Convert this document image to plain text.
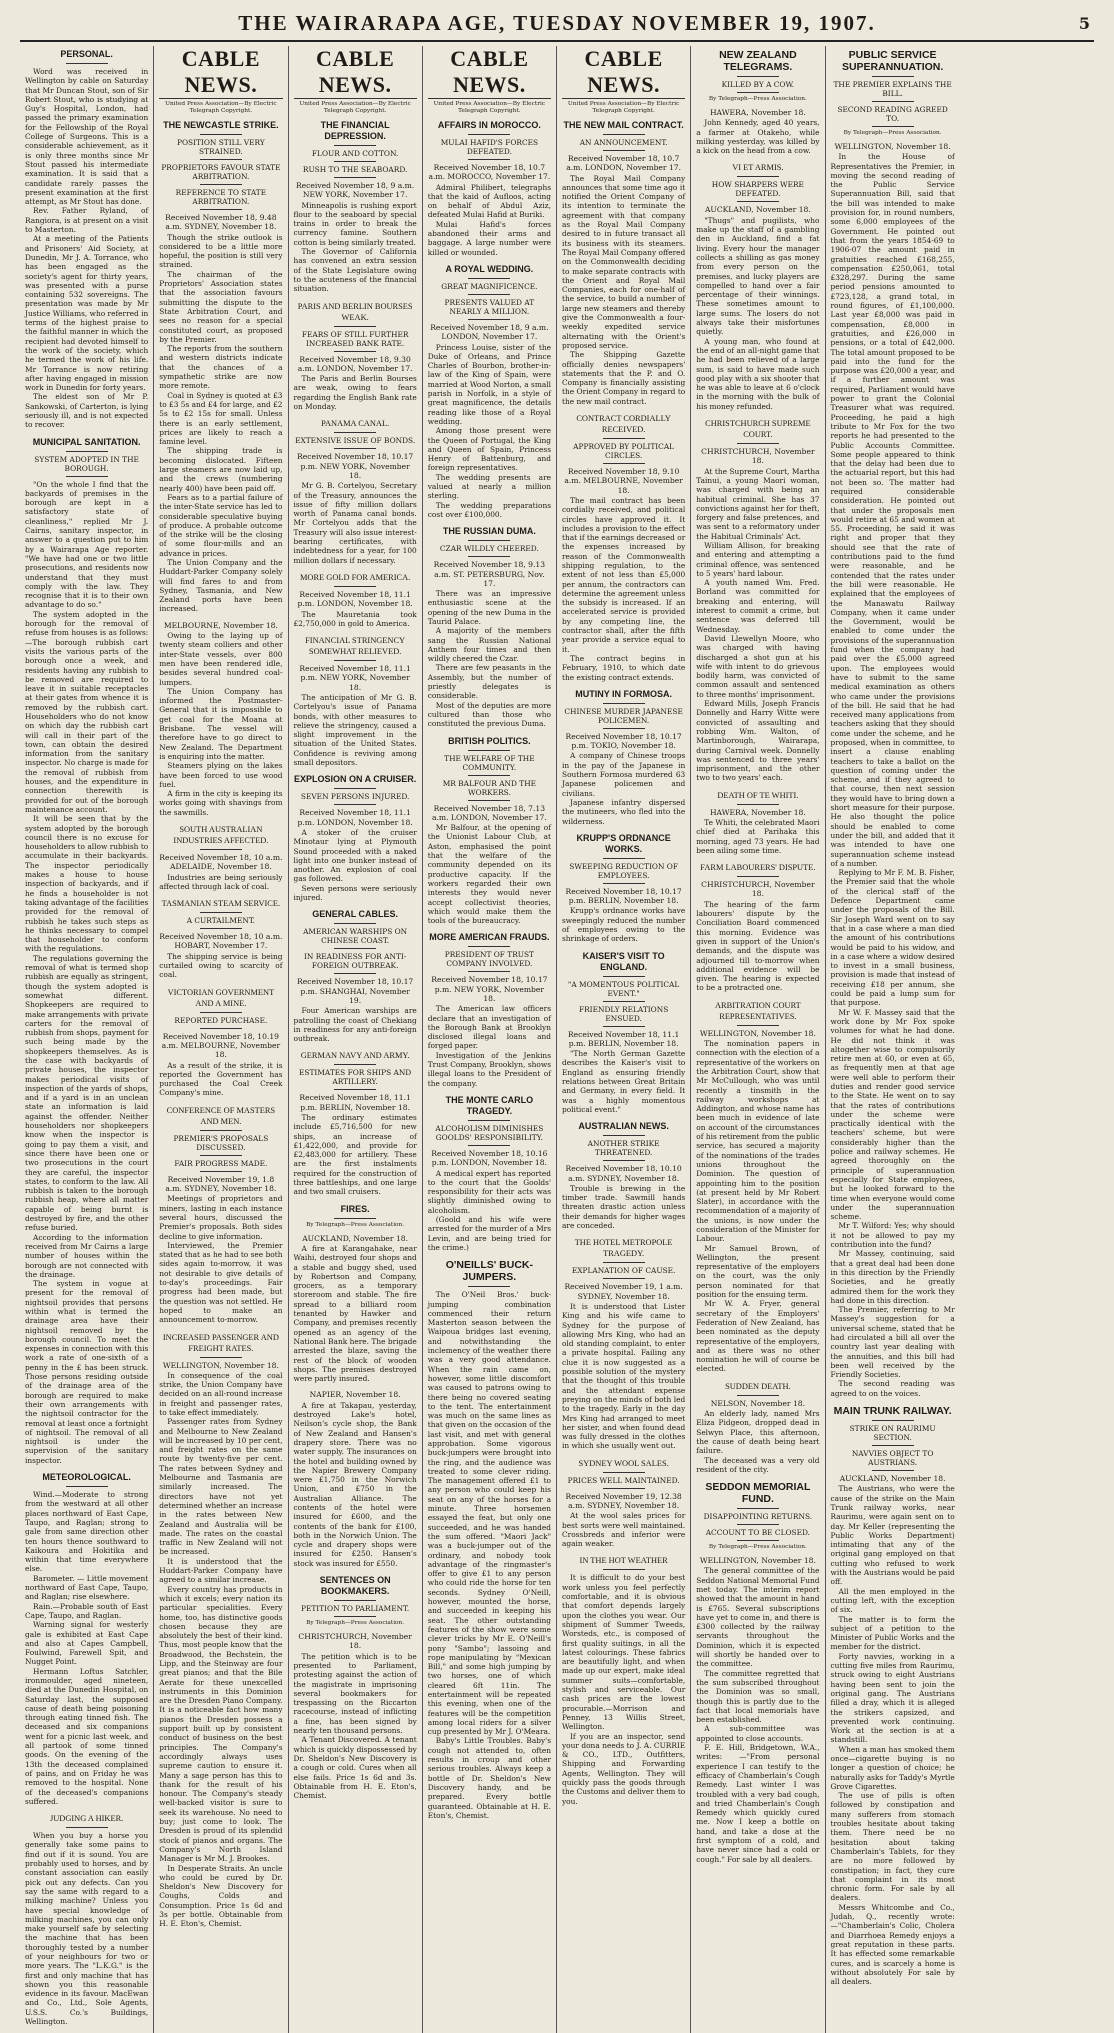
THE WAIRARAPA AGE, TUESDAY NOVEMBER 19, 1907.	5
PERSONAL.

Word was received in Wellington by cable on Saturday that Mr Duncan Stout, son of Sir Robert Stout, who is studying at Guy's Hospital, London, had passed the primary examination for the Fellowship of the Royal College of Surgeons. This is a considerable achievement, as it is only three months since Mr Stout passed his intermediate examination. It is said that a candidate rarely passes the present examination at the first attempt, as Mr Stout has done.

Rev. Father Ryland, of Rangiora, is at present on a visit to Masterton.

At a meeting of the Patients and Prisoners' Aid Society, at Dunedin, Mr J. A. Torrance, who has been engaged as the society's agent for thirty years, was presented with a purse containing 532 sovereigns. The presentation was made by Mr Justice Williams, who referred in terms of the highest praise to the faithful manner in which the recipient had devoted himself to the work of the society, which he termed the work of his life. Mr Torrance is now retiring after having engaged in mission work in Dunedin for forty years.

The eldest son of Mr P. Sankowski, of Carterton, is lying seriously ill, and is not expected to recover.

MUNICIPAL SANITATION.
SYSTEM ADOPTED IN THE BOROUGH.

"On the whole I find that the backyards of premises in the borough are kept in a satisfactory state of cleanliness," replied Mr J. Cairns, sanitary inspector, in answer to a question put to him by a Wairarapa Age reporter. "We have had one or two little prosecutions, and residents now understand that they must comply with the law. They recognise that it is to their own advantage to do so."

The system adopted in the borough for the removal of refuse from houses is as follows:—The borough rubbish cart visits the various parts of the borough once a week, and residents having any rubbish to be removed are required to leave it in suitable receptacles at their gates from whence it is removed by the rubbish cart. Householders who do not know on which day the rubbish cart will call in their part of the town, can obtain the desired information from the sanitary inspector. No charge is made for the removal of rubbish from houses, and the expenditure in connection therewith is provided for out of the borough maintenance account.

It will be seen that by the system adopted by the borough council there is no excuse for householders to allow rubbish to accumulate in their backyards. The inspector periodically makes a house to house inspection of backyards, and if he finds a householder is not taking advantage of the facilities provided for the removal of rubbish he takes such steps as he thinks necessary to compel that householder to conform with the regulations.

The regulations governing the removal of what is termed shop rubbish are equally as stringent, though the system adopted is somewhat different. Shopkeepers are required to make arrangements with private carters for the removal of rubbish from shops, payment for such being made by the shopkeepers themselves. As is the case with backyards of private houses, the inspector makes periodical visits of inspection of the yards of shops, and if a yard is in an unclean state an information is laid against the offender. Neither householders nor shopkeepers know when the inspector is going to pay them a visit, and since there have been one or two prosecutions in the court they are careful, the inspector states, to conform to the law. All rubbish is taken to the borough rubbish heap, where all matter capable of being burnt is destroyed by fire, and the other refuse buried.

According to the information received from Mr Cairns a large number of houses within the borough are not connected with the drainage.

The system in vogue at present for the removal of nightsoil provides that persons within what is termed the drainage area have their nightsoil removed by the borough council. To meet the expenses in connection with this work a rate of one-sixth of a penny in the £ has been struck. Those persons residing outside of the drainage area of the borough are required to make their own arrangements with the nightsoil contractor for the removal at least once a fortnight of nightsoil. The removal of all nightsoil is under the supervision of the sanitary inspector.

METEOROLOGICAL.

Wind.—Moderate to strong from the westward at all other places northward of East Cape, Taupo, and Raglan; strong to gale from same direction other ten hours thence southward to Kaikoura and Hokitika and within that time everywhere else.

Barometer. — Little movement northward of East Cape, Taupo, and Raglan; rise elsewhere.

Rain.—Probable south of East Cape, Taupo, and Raglan.

Warning signal for westerly gale is exhibited at East Cape and also at Capes Campbell, Foulwind, Farewell Spit, and Nugget Point.

Hermann Loftus Satchler, ironmoulder, aged nineteen, died at the Dunedin Hospital, on Saturday last, the supposed cause of death being poisoning through eating tinned fish. The deceased and six companions went for a picnic last week, and all partook of some tinned goods. On the evening of the 13th the deceased complained of pains, and on Friday he was removed to the hospital. None of the deceased's companions suffered.

JUDGING A HIKER.

When you buy a horse you generally take some pains to find out if it is sound. You are probably used to horses, and by constant association can easily pick out any defects. Can you say the same with regard to a milking machine? Unless you have special knowledge of milking machines, you can only make yourself safe by selecting the machine that has been thoroughly tested by a number of your neighbours for two or more years. The "L.K.G." is the first and only machine that has shown you this reasonable evidence in its favour. MacEwan and Co., Ltd., Sole Agents, U.S.S. Co.'s Buildings, Wellington.

CABLE NEWS.
United Press Association—By Electric Telegraph Copyright.
THE NEWCASTLE STRIKE.
POSITION STILL VERY STRAINED.
PROPRIETORS FAVOUR STATE ARBITRATION.
REFERENCE TO STATE ARBITRATION.
Received November 18, 9.48 a.m. SYDNEY, November 18.

Though the strike outlook is considered to be a little more hopeful, the position is still very strained.

The chairman of the Proprietors' Association states that the association favours submitting the dispute to the State Arbitration Court, and sees no reason for a special constituted court, as proposed by the Premier.

The reports from the southern and western districts indicate that the chances of a sympathetic strike are now more remote.

Coal in Sydney is quoted at £3 to £3 5s and £4 for large, and £2 5s to £2 15s for small. Unless there is an early settlement, prices are likely to reach a famine level.

The shipping trade is becoming dislocated. Fifteen large steamers are now laid up, and the crews (numbering nearly 400) have been paid off.

Fears as to a partial failure of the inter-State service has led to considerable speculative buying of produce. A probable outcome of the strike will be the closing of some flour-mills and an advance in prices.

The Union Company and the Huddart-Parker Company solely will find fares to and from Sydney, Tasmania, and New Zealand ports have been increased.

MELBOURNE, November 18.

Owing to the laying up of twenty steam colliers and other inter-State vessels, over 800 men have been rendered idle, besides several hundred coal-lumpers.

The Union Company has informed the Postmaster-General that it is impossible to get coal for the Moana at Brisbane. The vessel will therefore have to go direct to New Zealand. The Department is enquiring into the matter.

Steamers plying on the lakes have been forced to use wood fuel.

A firm in the city is keeping its works going with shavings from the sawmills.

SOUTH AUSTRALIAN INDUSTRIES AFFECTED.
Received November 18, 10 a.m. ADELAIDE, November 18.

Industries are being seriously affected through lack of coal.

TASMANIAN STEAM SERVICE.
A CURTAILMENT.
Received November 18, 10 a.m. HOBART, November 17.

The shipping service is being curtailed owing to scarcity of coal.

VICTORIAN GOVERNMENT AND A MINE.
REPORTED PURCHASE.
Received November 18, 10.19 a.m. MELBOURNE, November 18.

As a result of the strike, it is reported the Government has purchased the Coal Creek Company's mine.

CONFERENCE OF MASTERS AND MEN.
PREMIER'S PROPOSALS DISCUSSED.
FAIR PROGRESS MADE.
Received November 19, 1.8 a.m. SYDNEY, November 18.

Meetings of proprietors and miners, lasting in each instance several hours, discussed the Premier's proposals. Both sides decline to give information.

Interviewed, the Premier stated that as he had to see both sides again to-morrow, it was not desirable to give details of to-day's proceedings. Fair progress had been made, but the question was not settled. He hoped to make an announcement to-morrow.

INCREASED PASSENGER AND FREIGHT RATES.
WELLINGTON, November 18.

In consequence of the coal strike, the Union Company have decided on an all-round increase in freight and passenger rates, to take effect immediately.

Passenger rates from Sydney and Melbourne to New Zealand will be increased by 10 per cent, and freight rates on the same route by twenty-five per cent. The rates between Sydney and Melbourne and Tasmania are similarly increased. The directors have not yet determined whether an increase in the rates between New Zealand and Australia will be made. The rates on the coastal traffic in New Zealand will not be increased.

It is understood that the Huddart-Parker Company have agreed to a similar increase.

Every country has products in which it excels; every nation its particular specialities. Every home, too, has distinctive goods chosen because they are absolutely the best of their kind. Thus, most people know that the Broadwood, the Bechstein, the Lipp, and the Steinway are four great pianos; and that the Bile Aerate for these unexcelled instruments in this Dominion are the Dresden Piano Company. It is a noticeable fact how many pianos the Dresden possess a support built up by consistent conduct of business on the best principles. The Company's accordingly always uses supreme caution to ensure it. Many a sage person has this to thank for the result of his honour. The Company's steady well-backed visitor is sure to seek its warehouse. No need to buy; just come to look. The Dresden is proud of its splendid stock of pianos and organs. The Company's North Island Manager is Mr M. J. Brookes.

In Desperate Straits. An uncle who could be cured by Dr. Sheldon's New Discovery for Coughs, Colds and Consumption. Price 1s 6d and 3s per bottle. Obtainable from H. E. Eton's, Chemist.

CABLE NEWS.
United Press Association—By Electric Telegraph Copyright.
THE FINANCIAL DEPRESSION.
FLOUR AND COTTON.
RUSH TO THE SEABOARD.
Received November 18, 9 a.m. NEW YORK, November 17.

Minneapolis is rushing export flour to the seaboard by special trains in order to break the currency famine. Southern cotton is being similarly treated.

The Governor of California has convened an extra session of the State Legislature owing to the acuteness of the financial situation.

PARIS AND BERLIN BOURSES WEAK.
FEARS OF STILL FURTHER INCREASED BANK RATE.
Received November 18, 9.30 a.m. LONDON, November 17.

The Paris and Berlin Bourses are weak, owing to fears regarding the English Bank rate on Monday.

PANAMA CANAL.
EXTENSIVE ISSUE OF BONDS.
Received November 18, 10.17 p.m. NEW YORK, November 18.

Mr G. B. Cortelyou, Secretary of the Treasury, announces the issue of fifty million dollars worth of Panama canal bonds. Mr Cortelyou adds that the Treasury will also issue interest-bearing certificates, with indebtedness for a year, for 100 million dollars if necessary.

MORE GOLD FOR AMERICA.
Received November 18, 11.1 p.m. LONDON, November 18.

The Mauretania took £2,750,000 in gold to America.

FINANCIAL STRINGENCY SOMEWHAT RELIEVED.
Received November 18, 11.1 p.m. NEW YORK, November 18.

The anticipation of Mr G. B. Cortelyou's issue of Panama bonds, with other measures to relieve the stringency, caused a slight improvement in the situation of the United States. Confidence is reviving among small depositors.

EXPLOSION ON A CRUISER.
SEVEN PERSONS INJURED.
Received November 18, 11.1 p.m. LONDON, November 18.

A stoker of the cruiser Minotaur lying at Plymouth Sound proceeded with a naked light into one bunker instead of another. An explosion of coal gas followed.

Seven persons were seriously injured.

GENERAL CABLES.
AMERICAN WARSHIPS ON CHINESE COAST.
IN READINESS FOR ANTI-FOREIGN OUTBREAK.
Received November 18, 10.17 p.m. SHANGHAI, November 19.

Four American warships are patrolling the coast of Chekiang in readiness for any anti-foreign outbreak.

GERMAN NAVY AND ARMY.
ESTIMATES FOR SHIPS AND ARTILLERY.
Received November 18, 11.1 p.m. BERLIN, November 18.

The ordinary estimates include £5,716,500 for new ships, an increase of £1,422,000, and provide for £2,483,000 for artillery. These are the first instalments required for the construction of three battleships, and one large and two small cruisers.

FIRES.
By Telegraph—Press Association.
AUCKLAND, November 18.

A fire at Karangahake, near Waihi, destroyed four shops and a stable and buggy shed, used by Robertson and Company, grocers, as a temporary storeroom and stable. The fire spread to a billiard room tenanted by Hawker and Company, and premises recently opened as an agency of the National Bank here. The brigade arrested the blaze, saving the rest of the block of wooden shops. The premises destroyed were partly insured.

NAPIER, November 18.

A fire at Takapau, yesterday, destroyed Lake's hotel, Neilson's cycle shop, the Bank of New Zealand and Hansen's drapery store. There was no water supply. The insurances on the hotel and building owned by the Napier Brewery Company were £1,750 in the Norwich Union, and £750 in the Australian Alliance. The contents of the hotel were insured for £600, and the contents of the bank for £100, both in the Norwich Union. The cycle and drapery shops were insured for £250. Hansen's stock was insured for £550.

SENTENCES ON BOOKMAKERS.
PETITION TO PARLIAMENT.
By Telegraph—Press Association.
CHRISTCHURCH, November 18.

The petition which is to be presented to Parliament, protesting against the action of the magistrate in imprisoning several bookmakers for trespassing on the Riccarton racecourse, instead of inflicting a fine, has been signed by nearly ten thousand persons.

A Tenant Discovered. A tenant which is quickly dispossessed by Dr. Sheldon's New Discovery is a cough or cold. Cures when all else fails. Price 1s 6d and 3s. Obtainable from H. E. Eton's, Chemist.

CABLE NEWS.
United Press Association—By Electric Telegraph Copyright.
AFFAIRS IN MOROCCO.
MULAI HAFID'S FORCES DEFEATED.
Received November 18, 10.7 a.m. MOROCCO, November 17.

Admiral Philibert, telegraphs that the kaid of Aufloos, acting on behalf of Abdul Aziz, defeated Mulai Hafid at Buriki.

Mulai Hafid's forces abandoned their arms and baggage. A large number were killed or wounded.

A ROYAL WEDDING.
GREAT MAGNIFICENCE.
PRESENTS VALUED AT NEARLY A MILLION.
Received November 18, 9 a.m. LONDON, November 17.

Princess Louise, sister of the Duke of Orleans, and Prince Charles of Bourbon, brother-in-law of the King of Spain, were married at Wood Norton, a small parish in Norfolk, in a style of great magnificence, the details reading like those of a Royal wedding.

Among those present were the Queen of Portugal, the King and Queen of Spain, Princess Henry of Battenburg, and foreign representatives.

The wedding presents are valued at nearly a million sterling.

The wedding preparations cost over £100,000.

THE RUSSIAN DUMA.
CZAR WILDLY CHEERED.
Received November 18, 9.13 a.m. ST. PETERSBURG, Nov. 17.

There was an impressive enthusiastic scene at the opening of the new Duma in the Taurid Palace.

A majority of the members sang the Russian National Anthem four times and then wildly cheered the Czar.

There are few peasants in the Assembly, but the number of priestly delegates is considerable.

Most of the deputies are more cultured than those who constituted the previous Duma.

BRITISH POLITICS.
THE WELFARE OF THE COMMUNITY.
MR BALFOUR AND THE WORKERS.
Received November 18, 7.13 a.m. LONDON, November 17.

Mr Balfour, at the opening of the Unionist Labour Club, at Aston, emphasised the point that the welfare of the community depended on its productive capacity. If the workers regarded their own interests they would never accept collectivist theories, which would make them the tools of the bureaucracy.

MORE AMERICAN FRAUDS.
PRESIDENT OF TRUST COMPANY INVOLVED.
Received November 18, 10.17 p.m. NEW YORK, November 18.

The American law officers declare that an investigation of the Borough Bank at Brooklyn disclosed illegal loans and forged paper.

Investigation of the Jenkins Trust Company, Brooklyn, shows illegal loans to the President of the company.

THE MONTE CARLO TRAGEDY.
ALCOHOLISM DIMINISHES GOOLDS' RESPONSIBILITY.
Received November 18, 10.16 p.m. LONDON, November 18.

A medical expert has reported to the court that the Goolds' responsibility for their acts was slightly diminished owing to alcoholism.

(Goold and his wife were arrested for the murder of a Mrs Levin, and are being tried for the crime.)

O'NEILLS' BUCK-JUMPERS.

The O'Neil Bros.' buck-jumping combination commenced their return Masterton season between the Waipoua bridges last evening, and notwithstanding the inclemency of the weather there was a very good attendance. When the rain came on, however, some little discomfort was caused to patrons owing to there being no covered seating to the tent. The entertainment was much on the same lines as that given on the occasion of the last visit, and met with general approbation. Some vigorous buck-jumpers were brought into the ring, and the audience was treated to some clever riding. The management offered £1 to any person who could keep his seat on any of the horses for a minute. Three horsemen essayed the feat, but only one succeeded, and he was handed the sum offered. "Maori Jack" was a buck-jumper out of the ordinary, and nobody took advantage of the ringmaster's offer to give £1 to any person who could ride the horse for ten seconds. Sydney O'Neill, however, mounted the horse, and succeeded in keeping his seat. The other outstanding features of the show were some clever tricks by Mr E. O'Neill's pony "Sambo"; lassoing and rope manipulating by "Mexican Bill," and some high jumping by two horses, one of which cleared 6ft 11in. The entertainment will be repeated this evening, when one of the features will be the competition among local riders for a silver cup presented by Mr J. O'Meara.

Baby's Little Troubles. Baby's cough not attended to, often results in croup and other serious troubles. Always keep a bottle of Dr. Sheldon's New Discovery handy, and be prepared. Every bottle guaranteed. Obtainable at H. E. Eton's, Chemist.

CABLE NEWS.
United Press Association—By Electric Telegraph Copyright.
THE NEW MAIL CONTRACT.
AN ANNOUNCEMENT.
Received November 18, 10.7 a.m. LONDON, November 17.

The Royal Mail Company announces that some time ago it notified the Orient Company of its intention to terminate the agreement with that company as the Royal Mail Company desired to in future transact all its business with its steamers. The Royal Mail Company offered on the Commonwealth deciding to make separate contracts with the Orient and Royal Mail Companies, each for one-half of the service, to build a number of large new steamers and thereby give the Commonwealth a four-weekly expedited service alternating with the Orient's proposed service.

The Shipping Gazette officially denies newspapers' statements that the P. and O. Company is financially assisting the Orient Company in regard to the new mail contract.

CONTRACT CORDIALLY RECEIVED.
APPROVED BY POLITICAL CIRCLES.
Received November 18, 9.10 a.m. MELBOURNE, November 18.

The mail contract has been cordially received, and political circles have approved it. It includes a provision to the effect that if the earnings decreased or the expenses increased by reason of the Commonwealth shipping regulation, to the extent of not less than £5,000 per annum, the contractors can determine the agreement unless the subsidy is increased. If an accelerated service is provided by any competing line, the contractor shall, after the fifth year provide a service equal to it.

The contract begins in February, 1910, to which date the existing contract extends.

MUTINY IN FORMOSA.
CHINESE MURDER JAPANESE POLICEMEN.
Received November 18, 10.17 p.m. TOKIO, November 18.

A company of Chinese troops in the pay of the Japanese in Southern Formosa murdered 63 Japanese policemen and civilians.

Japanese infantry dispersed the mutineers, who fled into the wilderness.

KRUPP'S ORDNANCE WORKS.
SWEEPING REDUCTION OF EMPLOYEES.
Received November 18, 10.17 p.m. BERLIN, November 18.

Krupp's ordnance works have sweepingly reduced the number of employees owing to the shrinkage of orders.

KAISER'S VISIT TO ENGLAND.
"A MOMENTOUS POLITICAL EVENT."
FRIENDLY RELATIONS ENSUED.
Received November 18, 11.1 p.m. BERLIN, November 18.

"The North German Gazette describes the Kaiser's visit to England as ensuring friendly relations between Great Britain and Germany, in every field. It was a highly momentous political event."

AUSTRALIAN NEWS.
ANOTHER STRIKE THREATENED.
Received November 18, 10.10 a.m. SYDNEY, November 18.

Trouble is brewing in the timber trade. Sawmill hands threaten drastic action unless their demands for higher wages are conceded.

THE HOTEL METROPOLE TRAGEDY.
EXPLANATION OF CAUSE.
Received November 19, 1 a.m. SYDNEY, November 18.

It is understood that Lister King and his wife came to Sydney for the purpose of allowing Mrs King, who had an old standing complaint, to enter a private hospital. Failing any clue it is now suggested as a possible solution of the mystery that the thought of this trouble and the attendant expense preying on the minds of both led to the tragedy. Early in the day Mrs King had arranged to meet her sister, and when found dead was fully dressed in the clothes in which she usually went out.

SYDNEY WOOL SALES.
PRICES WELL MAINTAINED.
Received November 19, 12.38 a.m. SYDNEY, November 18.

At the wool sales prices for best sorts were well maintained. Crossbreds and inferior were again weaker.

IN THE HOT WEATHER

It is difficult to do your best work unless you feel perfectly comfortable, and it is obvious that comfort depends largely upon the clothes you wear. Our shipment of Summer Tweeds, Worsteds, etc., is composed of first quality suitings, in all the latest colourings. These fabrics are beautifully light, and when made up our expert, make ideal summer suits—comfortable, stylish and serviceable. Our cash prices are the lowest procurable.—Morrison and Penney, 13 Willis Street, Wellington.

If you are an inspector, send your dona needs to J. A. CURRIE & CO., LTD., Outfitters, Shipping and Forwarding Agents, Wellington. They will quickly pass the goods through the Customs and deliver them to you.

NEW ZEALAND TELEGRAMS.
KILLED BY A COW.
By Telegraph—Press Association.
HAWERA, November 18.

John Kennedy, aged 40 years, a farmer at Otakeho, while milking yesterday, was killed by a kick on the head from a cow.

VI ET ARMIS.
HOW SHARPERS WERE DEFEATED.
AUCKLAND, November 18.

"Thugs" and pugilists, who make up the staff of a gambling den in Auckland, find a fat living. Every hour the manager collects a shilling as gas money from every person on the premises, and lucky players are compelled to hand over a fair percentage of their winnings. These sometimes amount to large sums. The losers do not always take their misfortunes quietly.

A young man, who found at the end of an all-night game that he had been relieved of a large sum, is said to have made such good play with a six shooter that he was able to leave at 6 o'clock in the morning with the bulk of his money refunded.

CHRISTCHURCH SUPREME COURT.
CHRISTCHURCH, November 18.

At the Supreme Court, Martha Tainui, a young Maori woman, was charged with being an habitual criminal. She has 37 convictions against her for theft, forgery and false pretences, and was sent to a reformatory under the Habitual Criminals' Act.

William Allison, for breaking and entering and attempting a criminal offence, was sentenced to 5 years' hard labour.

A youth named Wm. Fred. Borland was committed for breaking and entering, will interest to commit a crime, but sentence was deferred till Wednesday.

David Llewellyn Moore, who was charged with having discharged a shot gun at his wife with intent to do grievous bodily harm, was convicted of common assault and sentenced to three months' imprisonment.

Edward Mills, Joseph Francis Donnelly and Harry Witte were convicted of assaulting and robbing Wm. Walton, of Martinborough, Wairarapa, during Carnival week. Donnelly was sentenced to three years' imprisonment, and the other two to two years' each.

DEATH OF TE WHITI.
HAWERA, November 18.

Te Whiti, the celebrated Maori chief died at Parihaka this morning, aged 73 years. He had been ailing some time.

FARM LABOURERS' DISPUTE.
CHRISTCHURCH, November 18.

The hearing of the farm labourers' dispute by the Conciliation Board commenced this morning. Evidence was given in support of the Union's demands, and the dispute was adjourned till to-morrow when additional evidence will be given. The hearing is expected to be a protracted one.

ARBITRATION COURT REPRESENTATIVES.
WELLINGTON, November 18.

The nomination papers in connection with the election of a representative of the workers on the Arbitration Court, show that Mr McCullough, who was until recently a tinsmith in the railway workshops at Addington, and whose name has been much in evidence of late on account of the circumstances of his retirement from the public service, has secured a majority of the nominations of the trades unions throughout the Dominion. The question of appointing him to the position (at present held by Mr Robert Slater), in accordance with the recommendation of a majority of the unions, is now under the consideration of the Minister for Labour.

Mr Samuel Brown, of Wellington, the present representative of the employers on the court, was the only person nominated for that position for the ensuing term.

Mr W. A. Fryer, general secretary of the Employers' Federation of New Zealand, has been nominated as the deputy representative of the employers, and as there was no other nomination he will of course be elected.

SUDDEN DEATH.
NELSON, November 18.

An elderly lady, named Mrs Eliza Pidgeon, dropped dead in Selwyn Place, this afternoon, the cause of death being heart failure.

The deceased was a very old resident of the city.

SEDDON MEMORIAL FUND.
DISAPPOINTING RETURNS.
ACCOUNT TO BE CLOSED.
By Telegraph—Press Association.
WELLINGTON, November 18.

The general committee of the Seddon National Memorial Fund met today. The interim report showed that the amount in hand is £765. Several subscriptions have yet to come in, and there is £300 collected by the railway servants throughout the Dominion, which it is expected will shortly be handed over to the committee.

The committee regretted that the sum subscribed throughout the Dominion was so small, though this is partly due to the fact that local memorials have been established.

A sub-committee was appointed to close accounts.

F. E. Hill, Bridgetown, W.A., writes: —"From personal experience I can testify to the efficacy of Chamberlain's Cough Remedy. Last winter I was troubled with a very bad cough, and tried Chamberlain's Cough Remedy which quickly cured me. Now I keep a bottle on hand, and take a dose at the first symptom of a cold, and have never since had a cold or cough." For sale by all dealers.

PUBLIC SERVICE SUPERANNUATION.
THE PREMIER EXPLAINS THE BILL.
SECOND READING AGREED TO.
By Telegraph—Press Association.
WELLINGTON, November 18.

In the House of Representatives the Premier, in moving the second reading of the Public Service Superannuation Bill, said that the bill was intended to make provision for, in round numbers, some 6,000 employees of the Government. He pointed out that from the years 1854-69 to 1906-07 the amount paid in gratuities reached £168,255, compensation £250,061, total £328,297. During the same period pensions amounted to £723,128, a grand total, in round figures, of £1,100,000. Last year £8,000 was paid in compensation, £8,000 in gratuities, and £26,000 in pensions, or a total of £42,000. The total amount proposed to be paid into the fund for the purpose was £20,000 a year, and if a further amount was required, Parliament would have power to grant the Colonial Treasurer what was required. Proceeding, he paid a high tribute to Mr Fox for the two reports he had presented to the Public Accounts Committee. Some people appeared to think that the delay had been due to the actuarial report, but this had not been so. The matter had required considerable consideration. He pointed out that under the proposals men would retire at 65 and women at 55. Proceeding, he said it was right and proper that they should see that the rate of contributions paid to the fund were reasonable, and he contended that the rates under the bill were reasonable. He explained that the employees of the Manawatu Railway Company, when it came under the Government, would be enabled to come under the provisions of the superannuation fund when the company had paid over the £5,000 agreed upon. The employees would have to submit to the same medical examination as others who came under the provisions of the bill. He said that he had received many applications from teachers asking that they should come under the scheme, and he proposed, when in committee, to insert a clause enabling teachers to take a ballot on the question of coming under the scheme, and if they agreed to that course, then next session they would have to bring down a short measure for their purpose. He also thought the police should be enabled to come under the bill, and added that it was intended to have one superannuation scheme instead of a number.

Replying to Mr F. M. B. Fisher, the Premier said that the whole of the clerical staff of the Defence Department came under the proposals of the Bill. Sir Joseph Ward went on to say that in a case where a man died the amount of his contributions would be paid to his widow, and in a case where a widow desired to invest in a small business, provision is made that instead of receiving £18 per annum, she could be paid a lump sum for that purpose.

Mr W. F. Massey said that the work done by Mr Fox spoke volumes for what he had done. He did not think it was altogether wise to compulsorily retire men at 60, or even at 65, as frequently men at that age were well able to perform their duties and render good service to the State. He went on to say that the rates of contributions under the scheme were practically identical with the teachers' scheme, but were considerably higher than the police and railway schemes. He agreed thoroughly on the principle of superannuation especially for State employees, but he looked forward to the time when everyone would come under the superannuation scheme.

Mr T. Wilford: Yes; why should it not be allowed to pay my contribution into the fund?

Mr Massey, continuing, said that a great deal had been done in this direction by the Friendly Societies, and he greatly admired them for the work they had done in this direction.

The Premier, referring to Mr Massey's suggestion for a universal scheme, stated that he had circulated a bill all over the country last year dealing with the annuities, and this bill had been well received by the Friendly Societies.

The second reading was agreed to on the voices.

MAIN TRUNK RAILWAY.
STRIKE ON RAURIMU SECTION.
NAVVIES OBJECT TO AUSTRIANS.
AUCKLAND, November 18.

The Austrians, who were the cause of the strike on the Main Trunk railway works, near Raurimu, were again sent on to day. Mr Keller (representing the Public Works Department) intimating that any of the original gang employed on that cutting who refused to work with the Austrians would be paid off.

All the men employed in the cutting left, with the exception of six.

The matter is to form the subject of a petition to the Minister of Public Works and the member for the district.

Forty navvies, working in a cutting five miles from Raurimu, struck owing to eight Austrians having been sent to join the original gang. The Austrians filled a dray, which it is alleged the strikers capsized, and prevented work continuing. Work at the section is at a standstill.

When a man has smoked them once—cigarette buying is no longer a question of choice; he naturally asks for Taddy's Myrtle Grove Cigarettes.

The use of pills is often followed by constipation and many sufferers from stomach troubles hesitate about taking them. There need be no hesitation about taking Chamberlain's Tablets, for they are no more followed by constipation; in fact, they cure that complaint in its most chronic form. For sale by all dealers.

Messrs Whitcombe and Co., Judah, Q., recently wrote:—"Chamberlain's Colic, Cholera and Diarrhoea Remedy enjoys a great reputation in these parts. It has effected some remarkable cures, and is scarcely a home is without absolutely For sale by all dealers.
